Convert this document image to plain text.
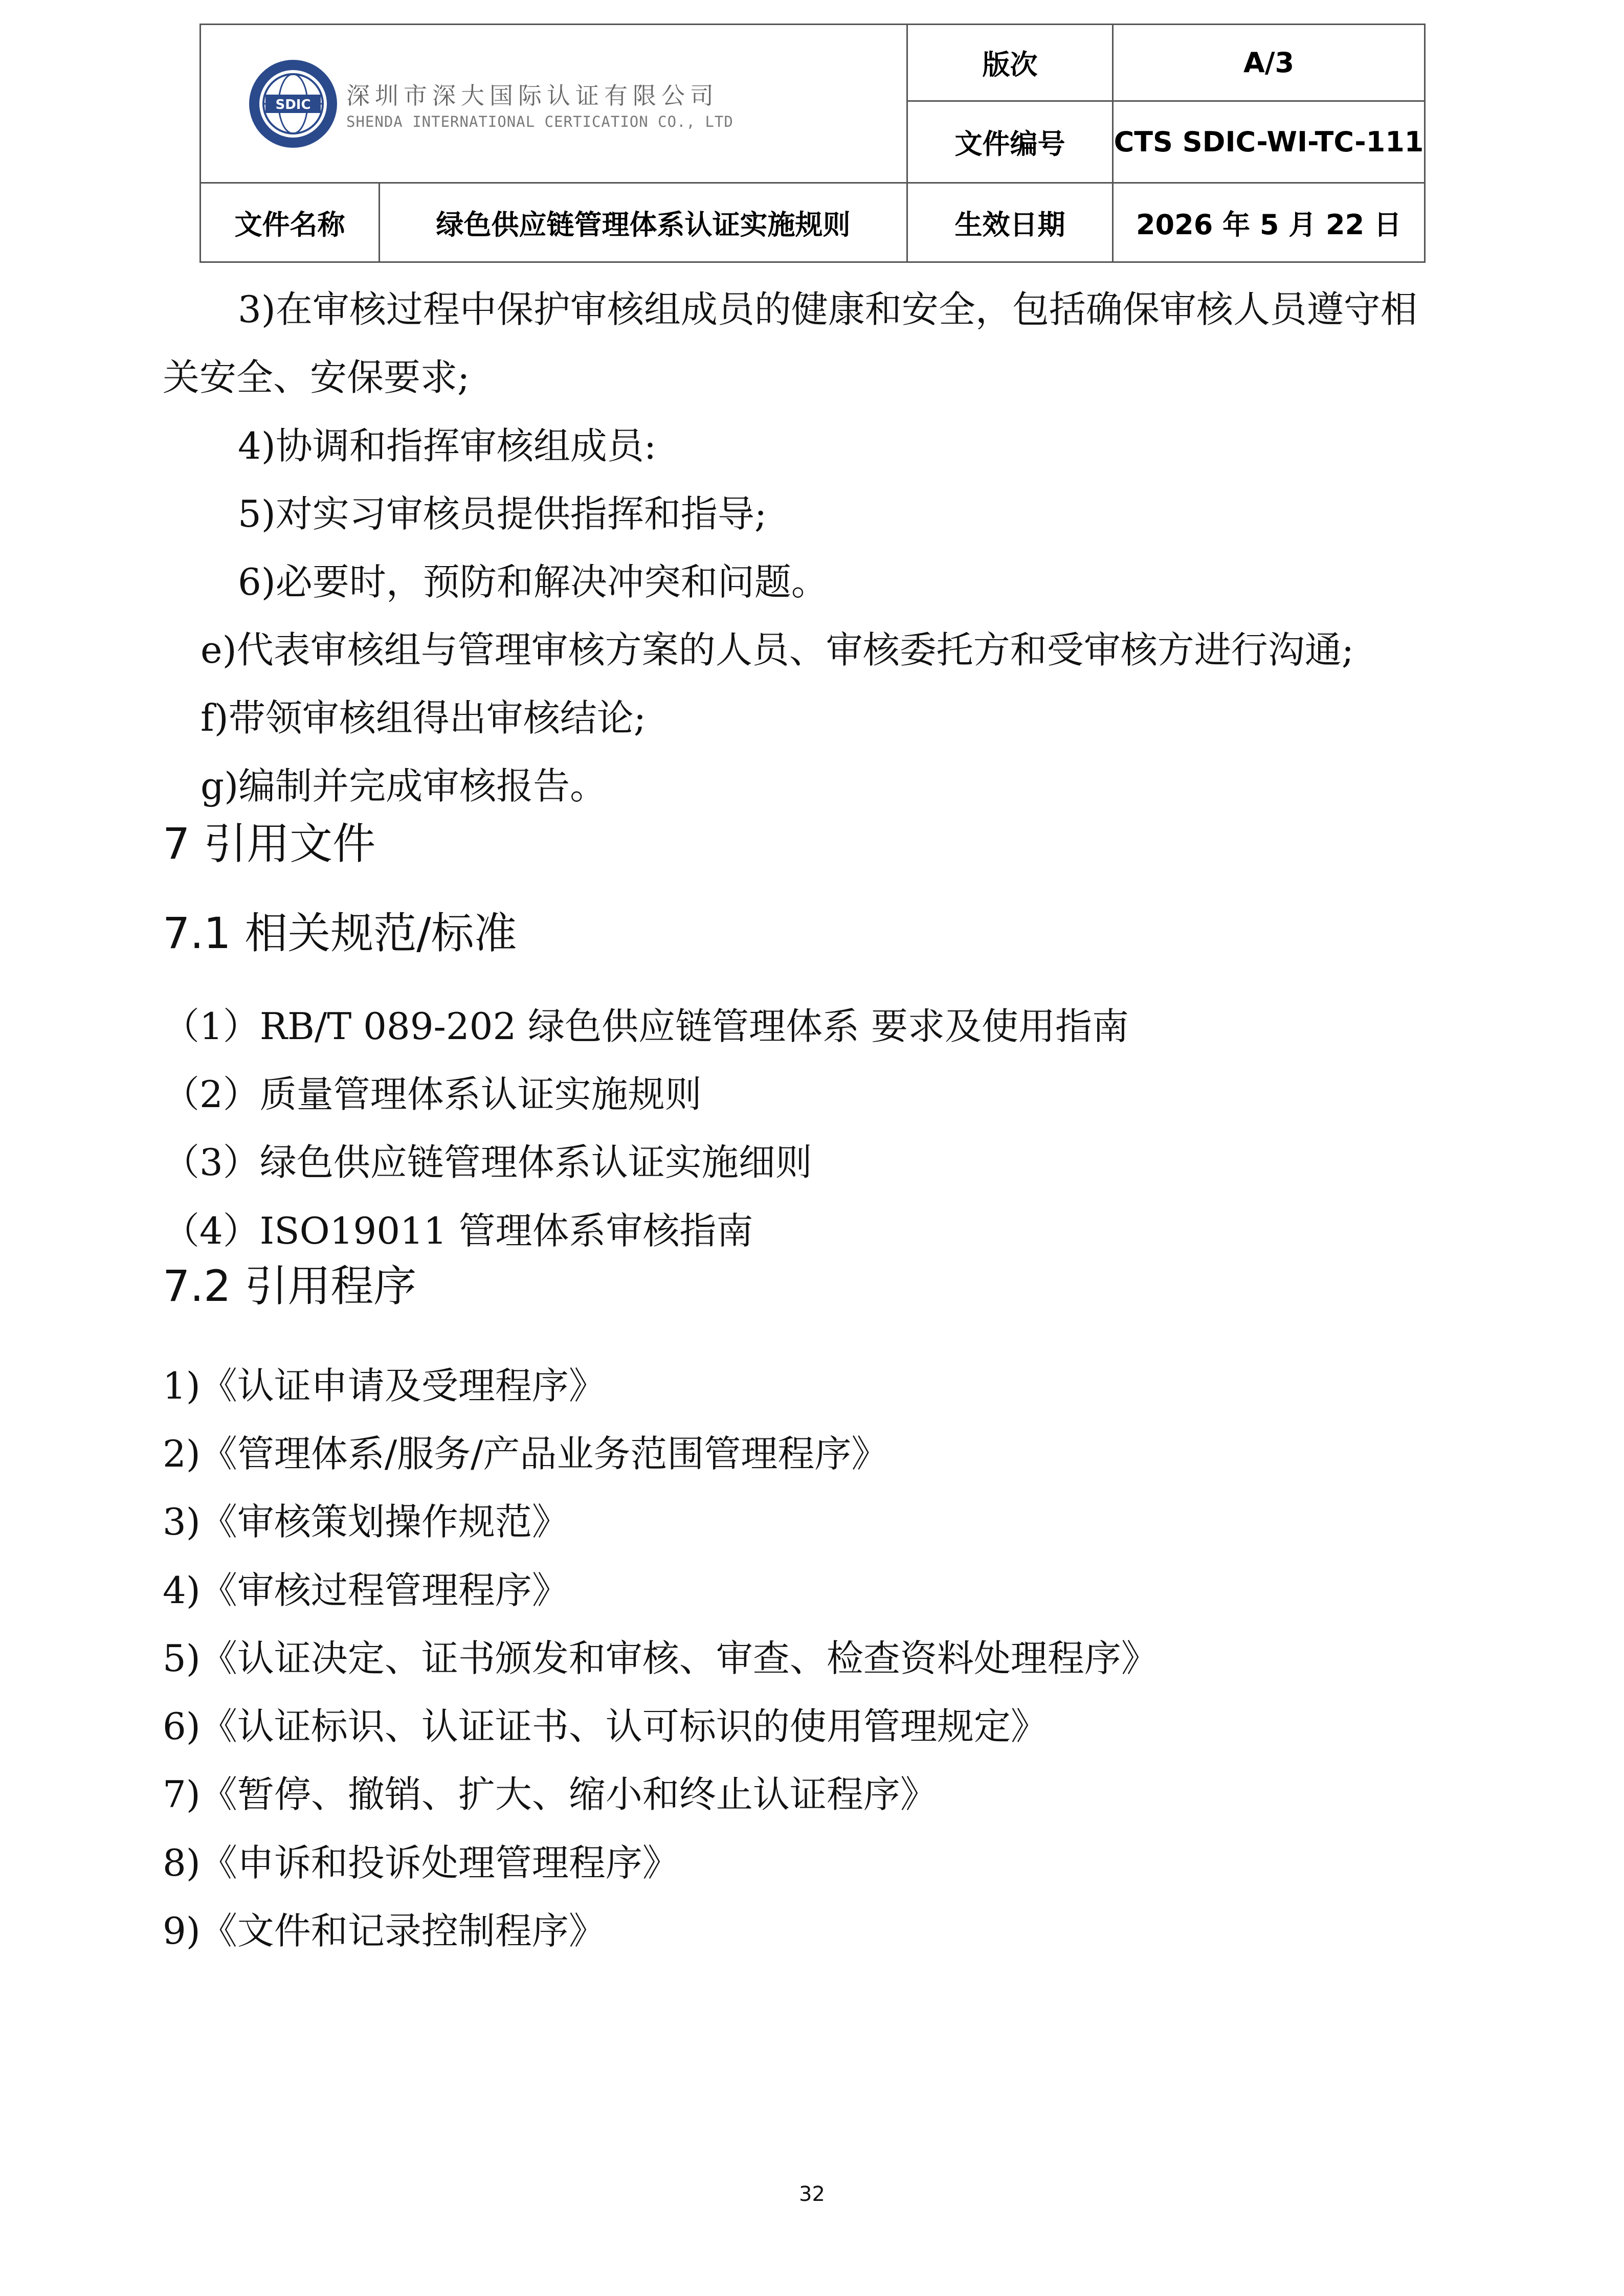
SDIC 深圳市深大国际认证有限公司
SHENDA INTERNATIONAL CERTICATION CO., LTD		版次	A/3
		文件编号	CTS SDIC-WI-TC-111
文件名称	绿色供应链管理体系认证实施规则	生效日期	2026 年 5 月 22 日
3)在审核过程中保护审核组成员的健康和安全，包括确保审核人员遵守相
关安全、安保要求;
4)协调和指挥审核组成员:
5)对实习审核员提供指挥和指导;
6)必要时，预防和解决冲突和问题。
e)代表审核组与管理审核方案的人员、审核委托方和受审核方进行沟通;
f)带领审核组得出审核结论;
g)编制并完成审核报告。
7 引用文件
7.1 相关规范/标准
（1）RB/T 089-202 绿色供应链管理体系 要求及使用指南
（2）质量管理体系认证实施规则
（3）绿色供应链管理体系认证实施细则
（4）ISO19011 管理体系审核指南
7.2 引用程序
1)《认证申请及受理程序》
2)《管理体系/服务/产品业务范围管理程序》
3)《审核策划操作规范》
4)《审核过程管理程序》
5)《认证决定、证书颁发和审核、审查、检查资料处理程序》
6)《认证标识、认证证书、认可标识的使用管理规定》
7)《暂停、撤销、扩大、缩小和终止认证程序》
8)《申诉和投诉处理管理程序》
9)《文件和记录控制程序》
32
